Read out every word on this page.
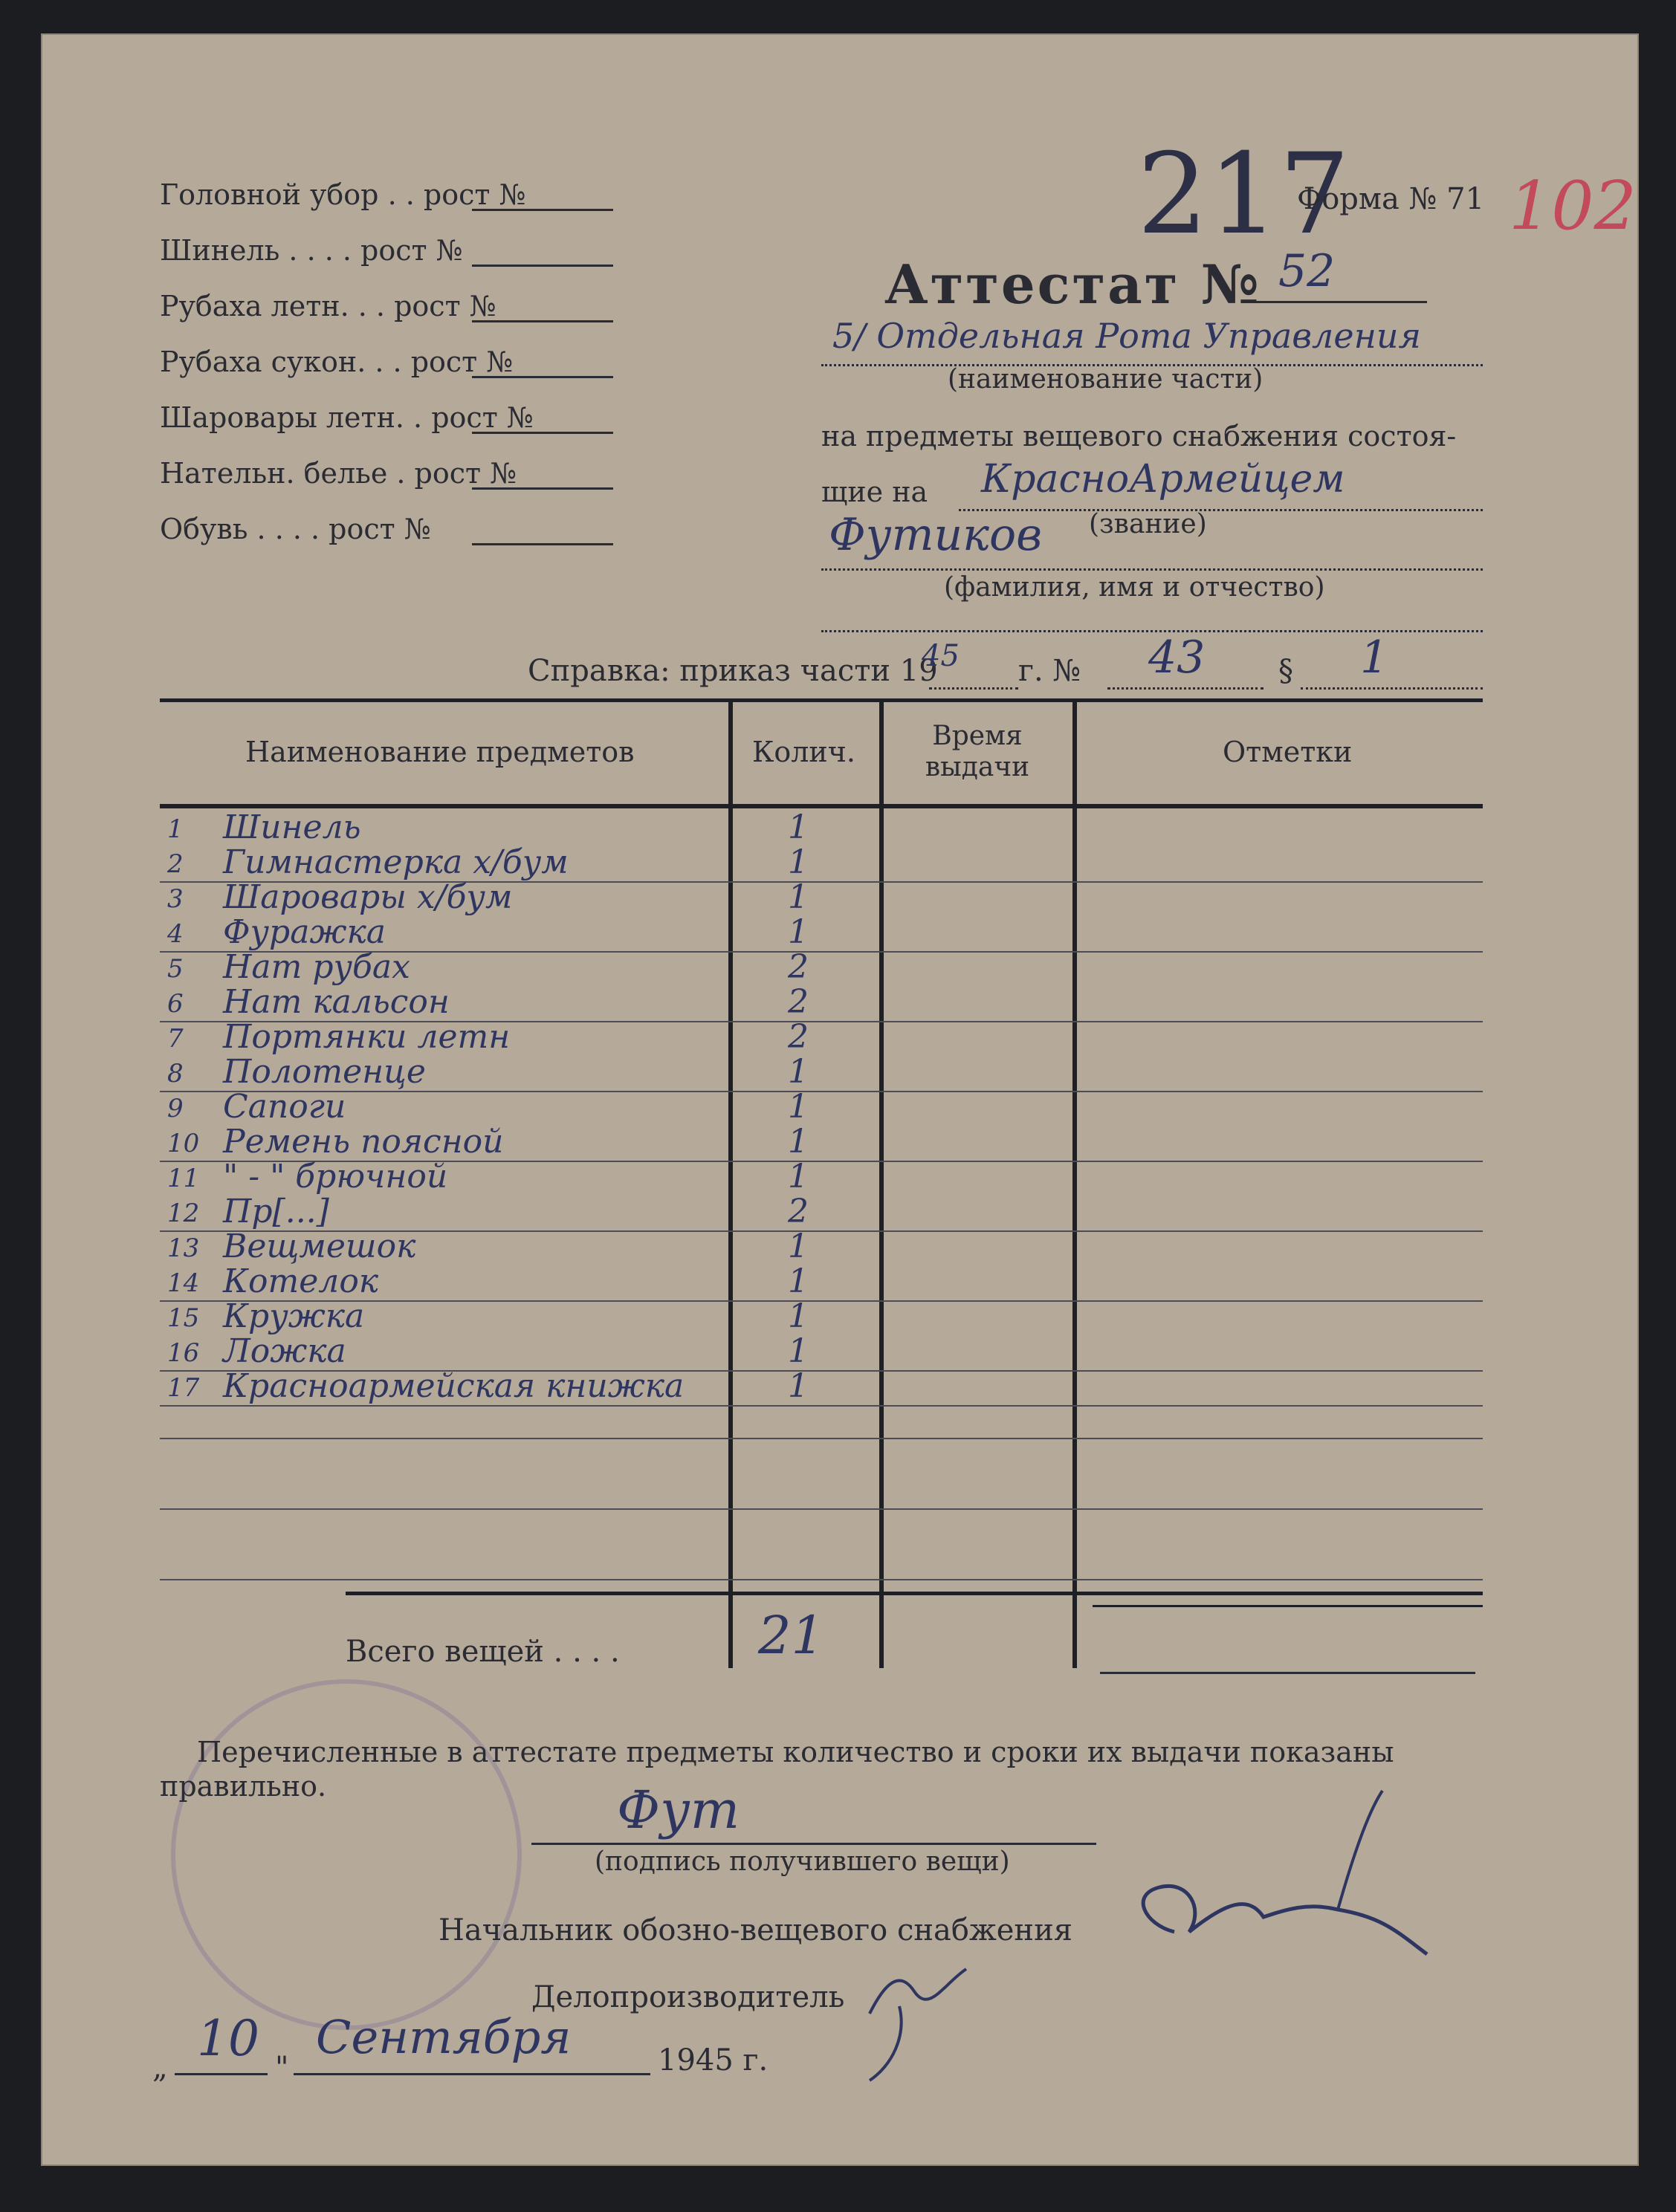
217
Форма № 71 102
Головной убор . . рост №
Шинель . . . . рост №
Рубаха летн. . . рост №
Рубаха сукон. . . рост №
Шаровары летн. . рост №
Нательн. белье . рост №
Обувь . . . . рост №
Аттестат № 52
5/ Отдельная Рота Управления
(наименование части)
на предметы вещевого снабжения состоя-
щие на КрасноАрмейцем
Футиков (звание)
(фамилия, имя и отчество)
Справка: приказ части 19
45 г. № 43 § 1
Наименование предметов	Колич.	Время выдачи	Отметки
1 Шинель	1
2 Гимнастерка х/бум	1
3 Шаровары х/бум	1
4 Фуражка	1
5 Нат рубах	2
6 Нат кальсон	2
7 Портянки летн	2
8 Полотенце	1
9 Сапоги	1
10 Ремень поясной	1
11 " - " брючной	1
12 Пр[...]	2
13 Вещмешок	1
14 Котелок	1
15 Кружка	1
16 Ложка	1
17 Красноармейская книжка	1
Всего вещей . . . .	21
Перечисленные в аттестате предметы количество и сроки их выдачи показаны правильно.	Фут
(подпись получившего вещи)
Начальник обозно-вещевого снабжения
Делопроизводитель
„
10
"
Сентября	1945 г.
